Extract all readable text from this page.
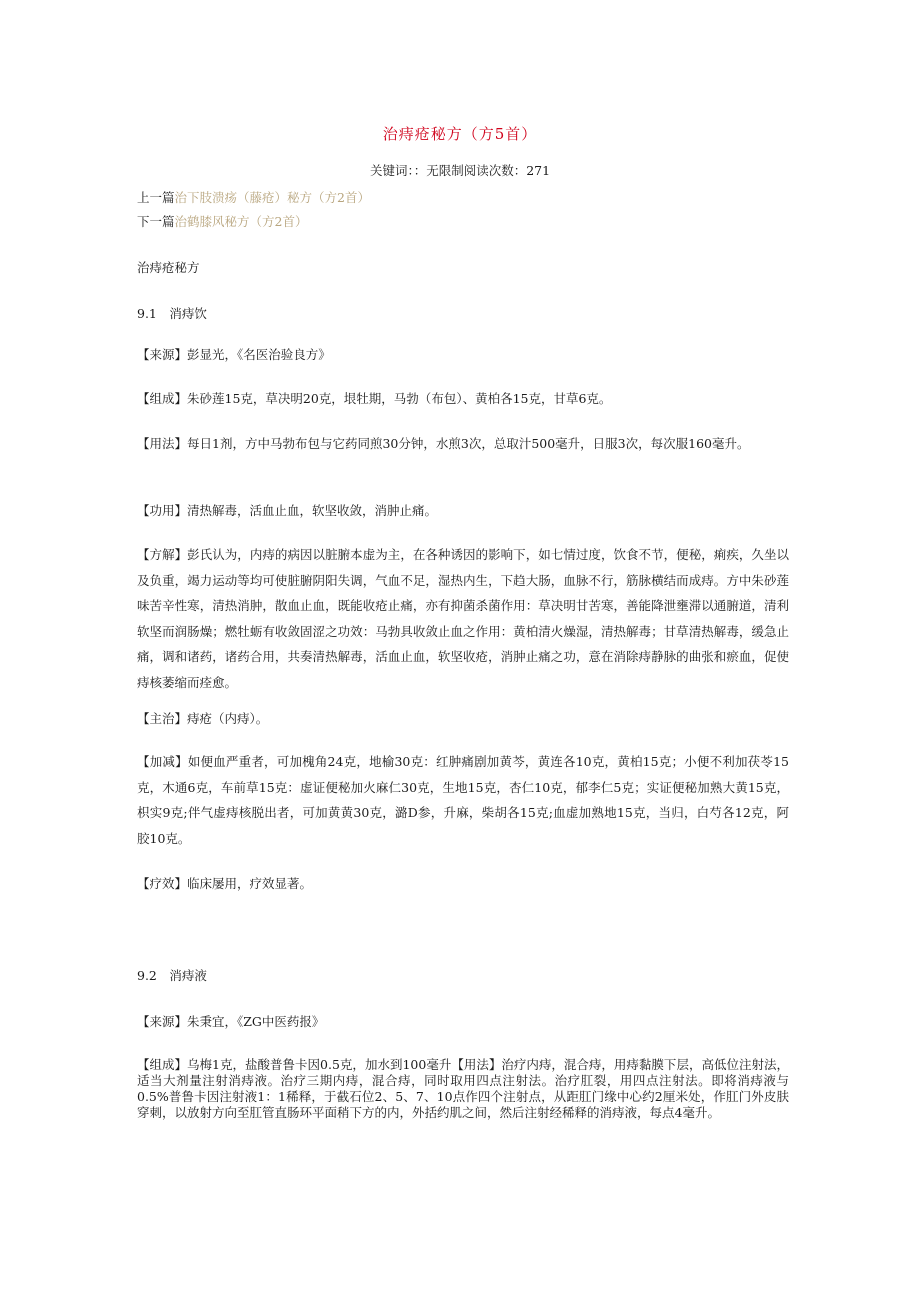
治痔疮秘方（方5首）
关键词：：无限制阅读次数：271
上一篇治下肢溃疡（藤疮）秘方（方2首）
下一篇治鹤膝风秘方（方2首）
治痔疮秘方
9.1　消痔饮

【来源】彭显光，《名医治验良方》

【组成】朱砂莲15克，草决明20克，垠牡期，马勃（布包）、黄柏各15克，甘草6克。

【用法】每日1剂，方中马勃布包与它药同煎30分钟，水煎3次，总取汁500毫升，日服3次，每次服160毫升。

【功用】清热解毒，活血止血，软坚收敛，消肿止痛。

【方解】彭氏认为，内痔的病因以脏腑本虚为主，在各种诱因的影响下，如七情过度，饮食不节，便秘，痢疾，久坐以及负重，竭力运动等均可使脏腑阴阳失调，气血不足，湿热内生，下趋大肠，血脉不行，筋脉横结而成痔。方中朱砂莲味苦辛性寒，清热消肿，散血止血，既能收疮止痛，亦有抑菌杀菌作用：草决明甘苦寒，善能降泄壅滞以通腑道，清利软坚而润肠燥；燃牡蛎有收敛固涩之功效：马勃具收敛止血之作用：黄柏清火燥湿，清热解毒；甘草清热解毒，缓急止痛，调和诸药，诸药合用，共奏清热解毒，活血止血，软坚收疮，消肿止痛之功，意在消除痔静脉的曲张和瘀血，促使痔核萎缩而痊愈。

【主治】痔疮（内痔）。

【加减】如便血严重者，可加槐角24克，地榆30克：红肿痛剧加黄芩，黄连各10克，黄柏15克；小便不利加茯苓15克，木通6克，车前草15克：虚证便秘加火麻仁30克，生地15克，杏仁10克，郁李仁5克；实证便秘加熟大黄15克，枳实9克;伴气虚痔核脱出者，可加黄黄30克，潞D参，升麻，柴胡各15克;血虚加熟地15克，当归，白芍各12克，阿胶10克。

【疗效】临床屡用，疗效显著。

9.2　消痔液

【来源】朱秉宜，《ZG中医药报》

【组成】乌梅1克，盐酸普鲁卡因0.5克，加水到100毫升【用法】治疗内痔，混合痔，用痔黏膜下层，高低位注射法，适当大剂量注射消痔液。治疗三期内痔，混合痔，同时取用四点注射法。治疗肛裂，用四点注射法。即将消痔液与0.5%普鲁卡因注射液1：1稀释，于截石位2、5、7、10点作四个注射点，从距肛门缘中心约2厘米处，作肛门外皮肤穿刺，以放射方向至肛管直肠环平面稍下方的内，外括约肌之间，然后注射经稀释的消痔液，每点4毫升。
